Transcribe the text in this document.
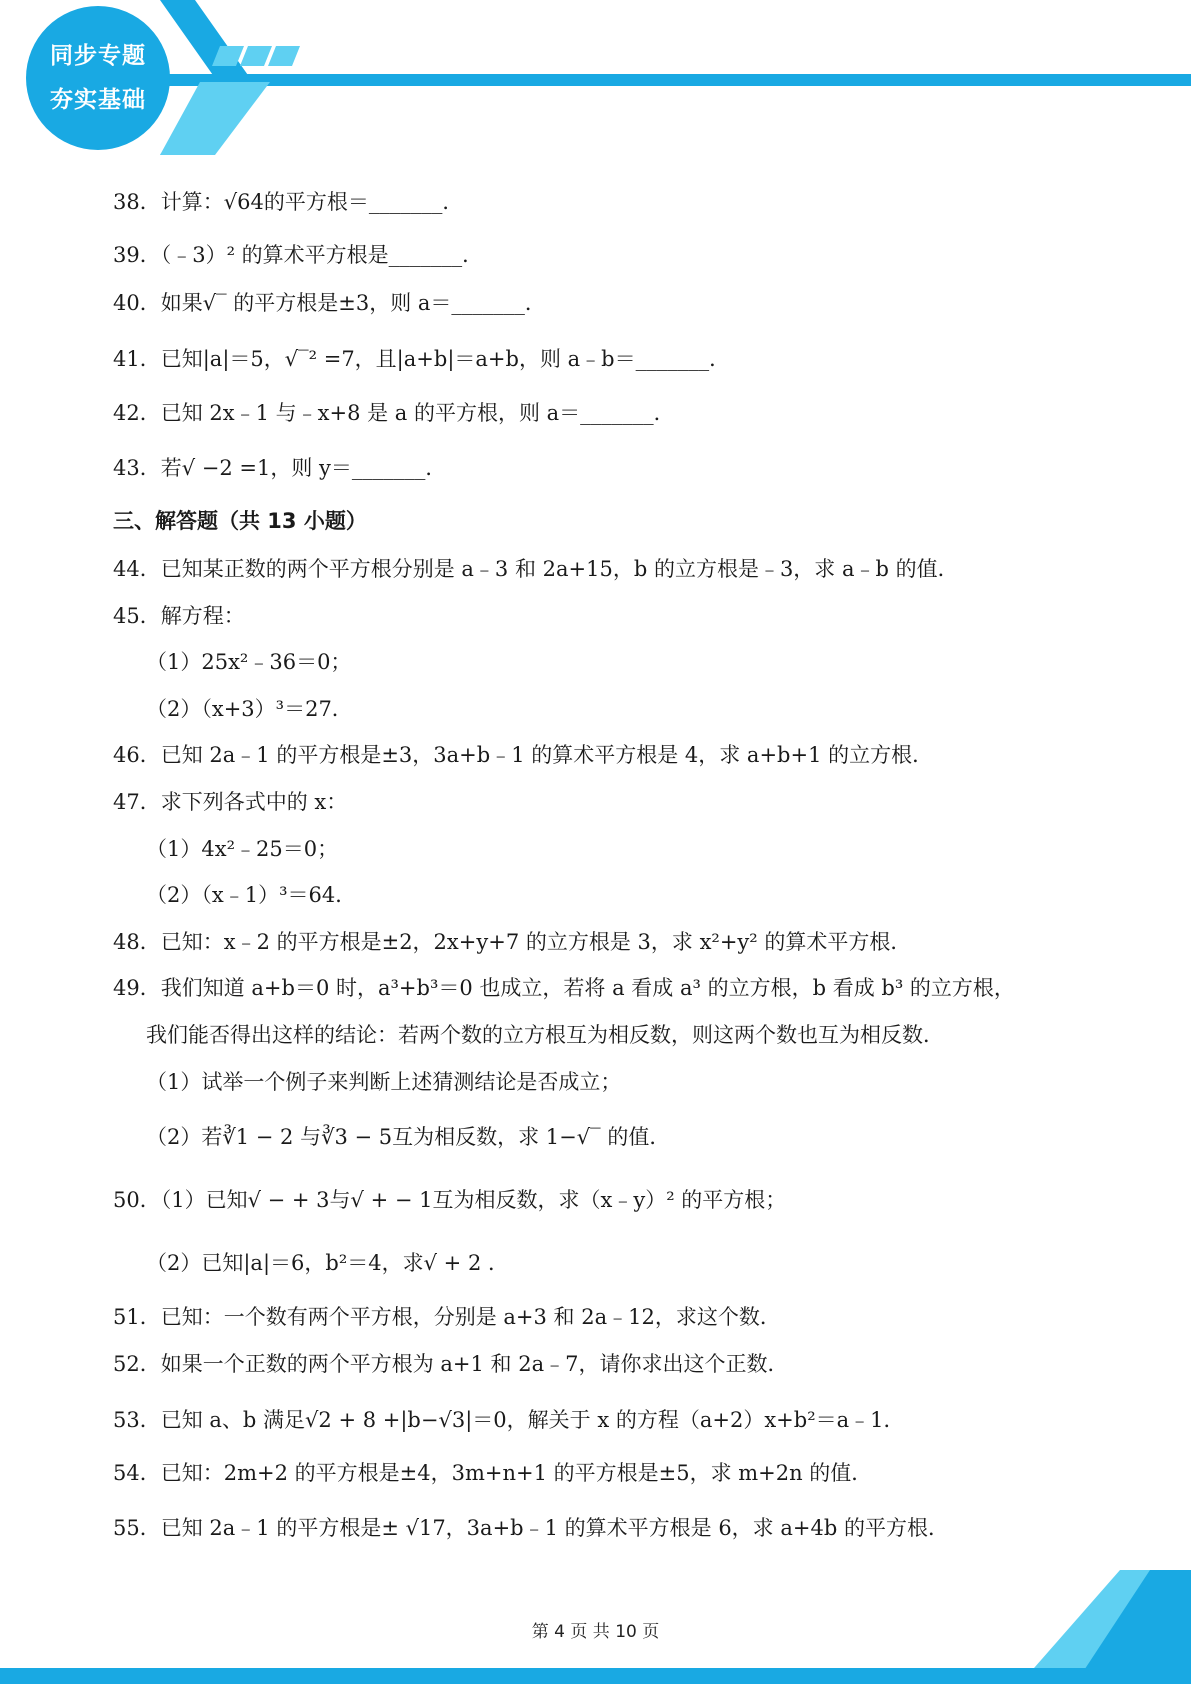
同步专题
夯实基础
38．计算：√64的平方根＝_______．
39．（﹣3）² 的算术平方根是_______．
40．如果√‾ 的平方根是±3，则 a＝_______．
41．已知|a|＝5，√‾² =7，且|a+b|＝a+b，则 a﹣b＝_______．
42．已知 2x﹣1 与﹣x+8 是 a 的平方根，则 a＝_______．
43．若√ −2 =1，则 y＝_______．
三、解答题（共 13 小题）
44．已知某正数的两个平方根分别是 a﹣3 和 2a+15，b 的立方根是﹣3，求 a﹣b 的值．
45．解方程：
（1）25x²﹣36＝0；
（2）（x+3）³＝27．
46．已知 2a﹣1 的平方根是±3，3a+b﹣1 的算术平方根是 4，求 a+b+1 的立方根．
47．求下列各式中的 x：
（1）4x²﹣25＝0；
（2）（x﹣1）³＝64．
48．已知：x﹣2 的平方根是±2，2x+y+7 的立方根是 3，求 x²+y² 的算术平方根．
49．我们知道 a+b＝0 时，a³+b³＝0 也成立，若将 a 看成 a³ 的立方根，b 看成 b³ 的立方根，
我们能否得出这样的结论：若两个数的立方根互为相反数，则这两个数也互为相反数．
（1）试举一个例子来判断上述猜测结论是否成立；
（2）若∛1 − 2 与∛3 − 5互为相反数，求 1−√‾ 的值．
50．（1）已知√ − + 3与√ + − 1互为相反数，求（x﹣y）² 的平方根；
（2）已知|a|＝6，b²＝4，求√ + 2 ．
51．已知：一个数有两个平方根，分别是 a+3 和 2a﹣12，求这个数．
52．如果一个正数的两个平方根为 a+1 和 2a﹣7，请你求出这个正数．
53．已知 a、b 满足√2 + 8 +|b−√3|＝0，解关于 x 的方程（a+2）x+b²＝a﹣1．
54．已知：2m+2 的平方根是±4，3m+n+1 的平方根是±5，求 m+2n 的值．
55．已知 2a﹣1 的平方根是± √17，3a+b﹣1 的算术平方根是 6，求 a+4b 的平方根．
第 4 页 共 10 页
